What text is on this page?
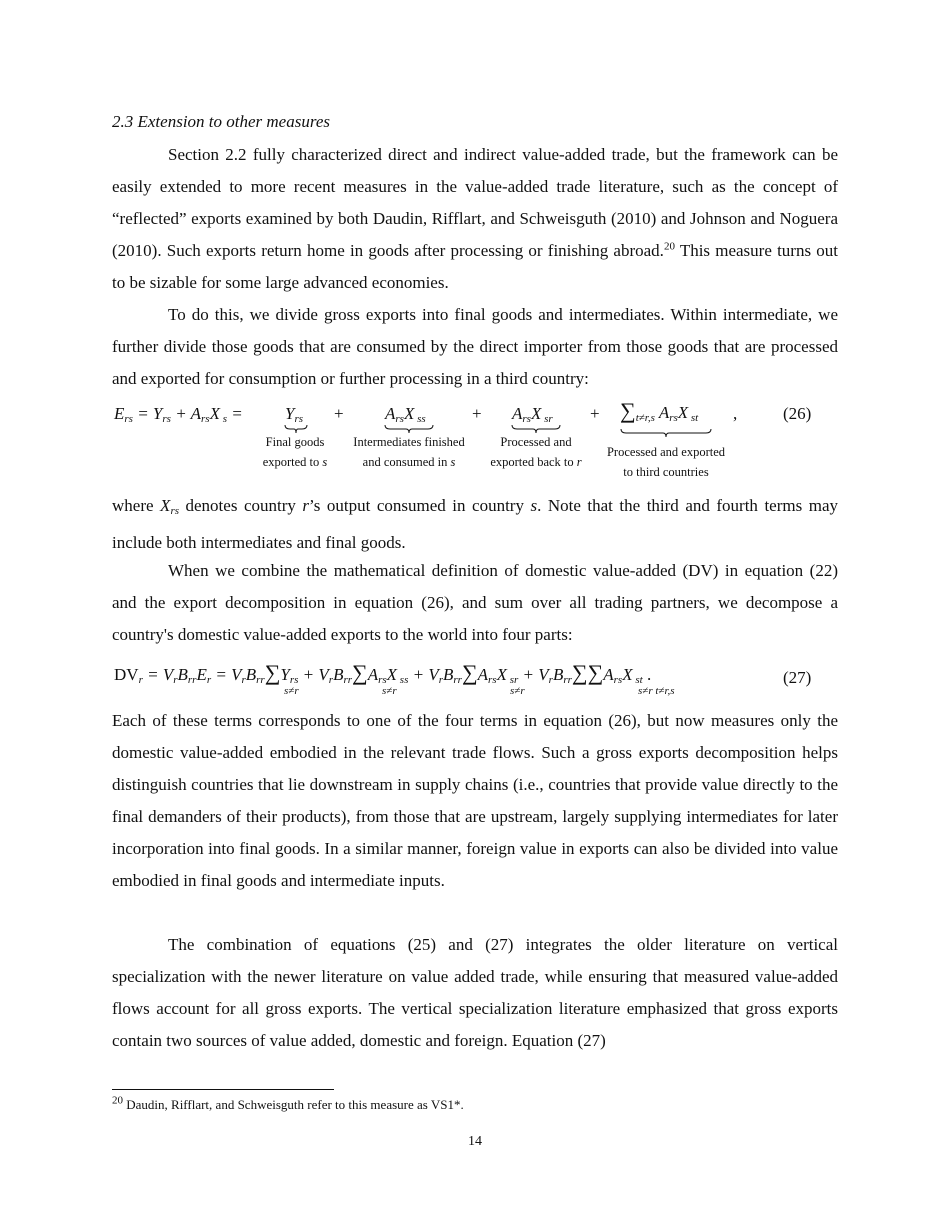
2.3 Extension to other measures

Section 2.2 fully characterized direct and indirect value-added trade, but the framework can be easily extended to more recent measures in the value-added trade literature, such as the concept of “reflected” exports examined by both Daudin, Rifflart, and Schweisguth (2010) and Johnson and Noguera (2010). Such exports return home in goods after processing or finishing abroad.$^{20}$ This measure turns out to be sizable for some large advanced economies.

To do this, we divide gross exports into final goods and intermediates. Within intermediate, we further divide those goods that are consumed by the direct importer from those goods that are processed and exported for consumption or further processing in a third country:

$E_{rs} = Y_{rs} + A_{rs}X$ $_s = Y_{rs} + A_{rs}X$ $_{ss}$	+ $A_{rs}X$ $_{sr} + \sum_{t\ne r,s}$ $A_{rs}X$ $_{st}$ ,	(26)
Final goods
exported to s
Intermediates finished
and consumed in s
Processed and
exported back to r
Processed and exported
to third countries

where $X_{rs}$ denotes country r’s output consumed in country s. Note that the third and fourth terms may include both intermediates and final goods.

When we combine the mathematical definition of domestic value-added (DV) in equation (22) and the export decomposition in equation (26), and sum over all trading partners, we decompose a country's domestic value-added exports to the world into four parts:

$DV_r = V_rB_{rr}E_r = V_rB_{rr}\sum Y_{rs} + V_rB_{rr}\sum A_{rs}X$ $_{ss} + V_rB_{rr}\sum A_{rs}X$ $_{sr} + V_rB_{rr}\sum\sum A_{rs}X$ $_{st}$ .
s≠r	s≠r	s≠r	s≠r t≠r,s
(27)

Each of these terms corresponds to one of the four terms in equation (26), but now measures only the domestic value-added embodied in the relevant trade flows. Such a gross exports decomposition helps distinguish countries that lie downstream in supply chains (i.e., countries that provide value directly to the final demanders of their products), from those that are upstream, largely supplying intermediates for later incorporation into final goods. In a similar manner, foreign value in exports can also be divided into value embodied in final goods and intermediate inputs.

The combination of equations (25) and (27) integrates the older literature on vertical specialization with the newer literature on value added trade, while ensuring that measured value-added flows account for all gross exports. The vertical specialization literature emphasized that gross exports contain two sources of value added, domestic and foreign. Equation (27)

$^{20}$ Daudin, Rifflart, and Schweisguth refer to this measure as VS1*.
14
